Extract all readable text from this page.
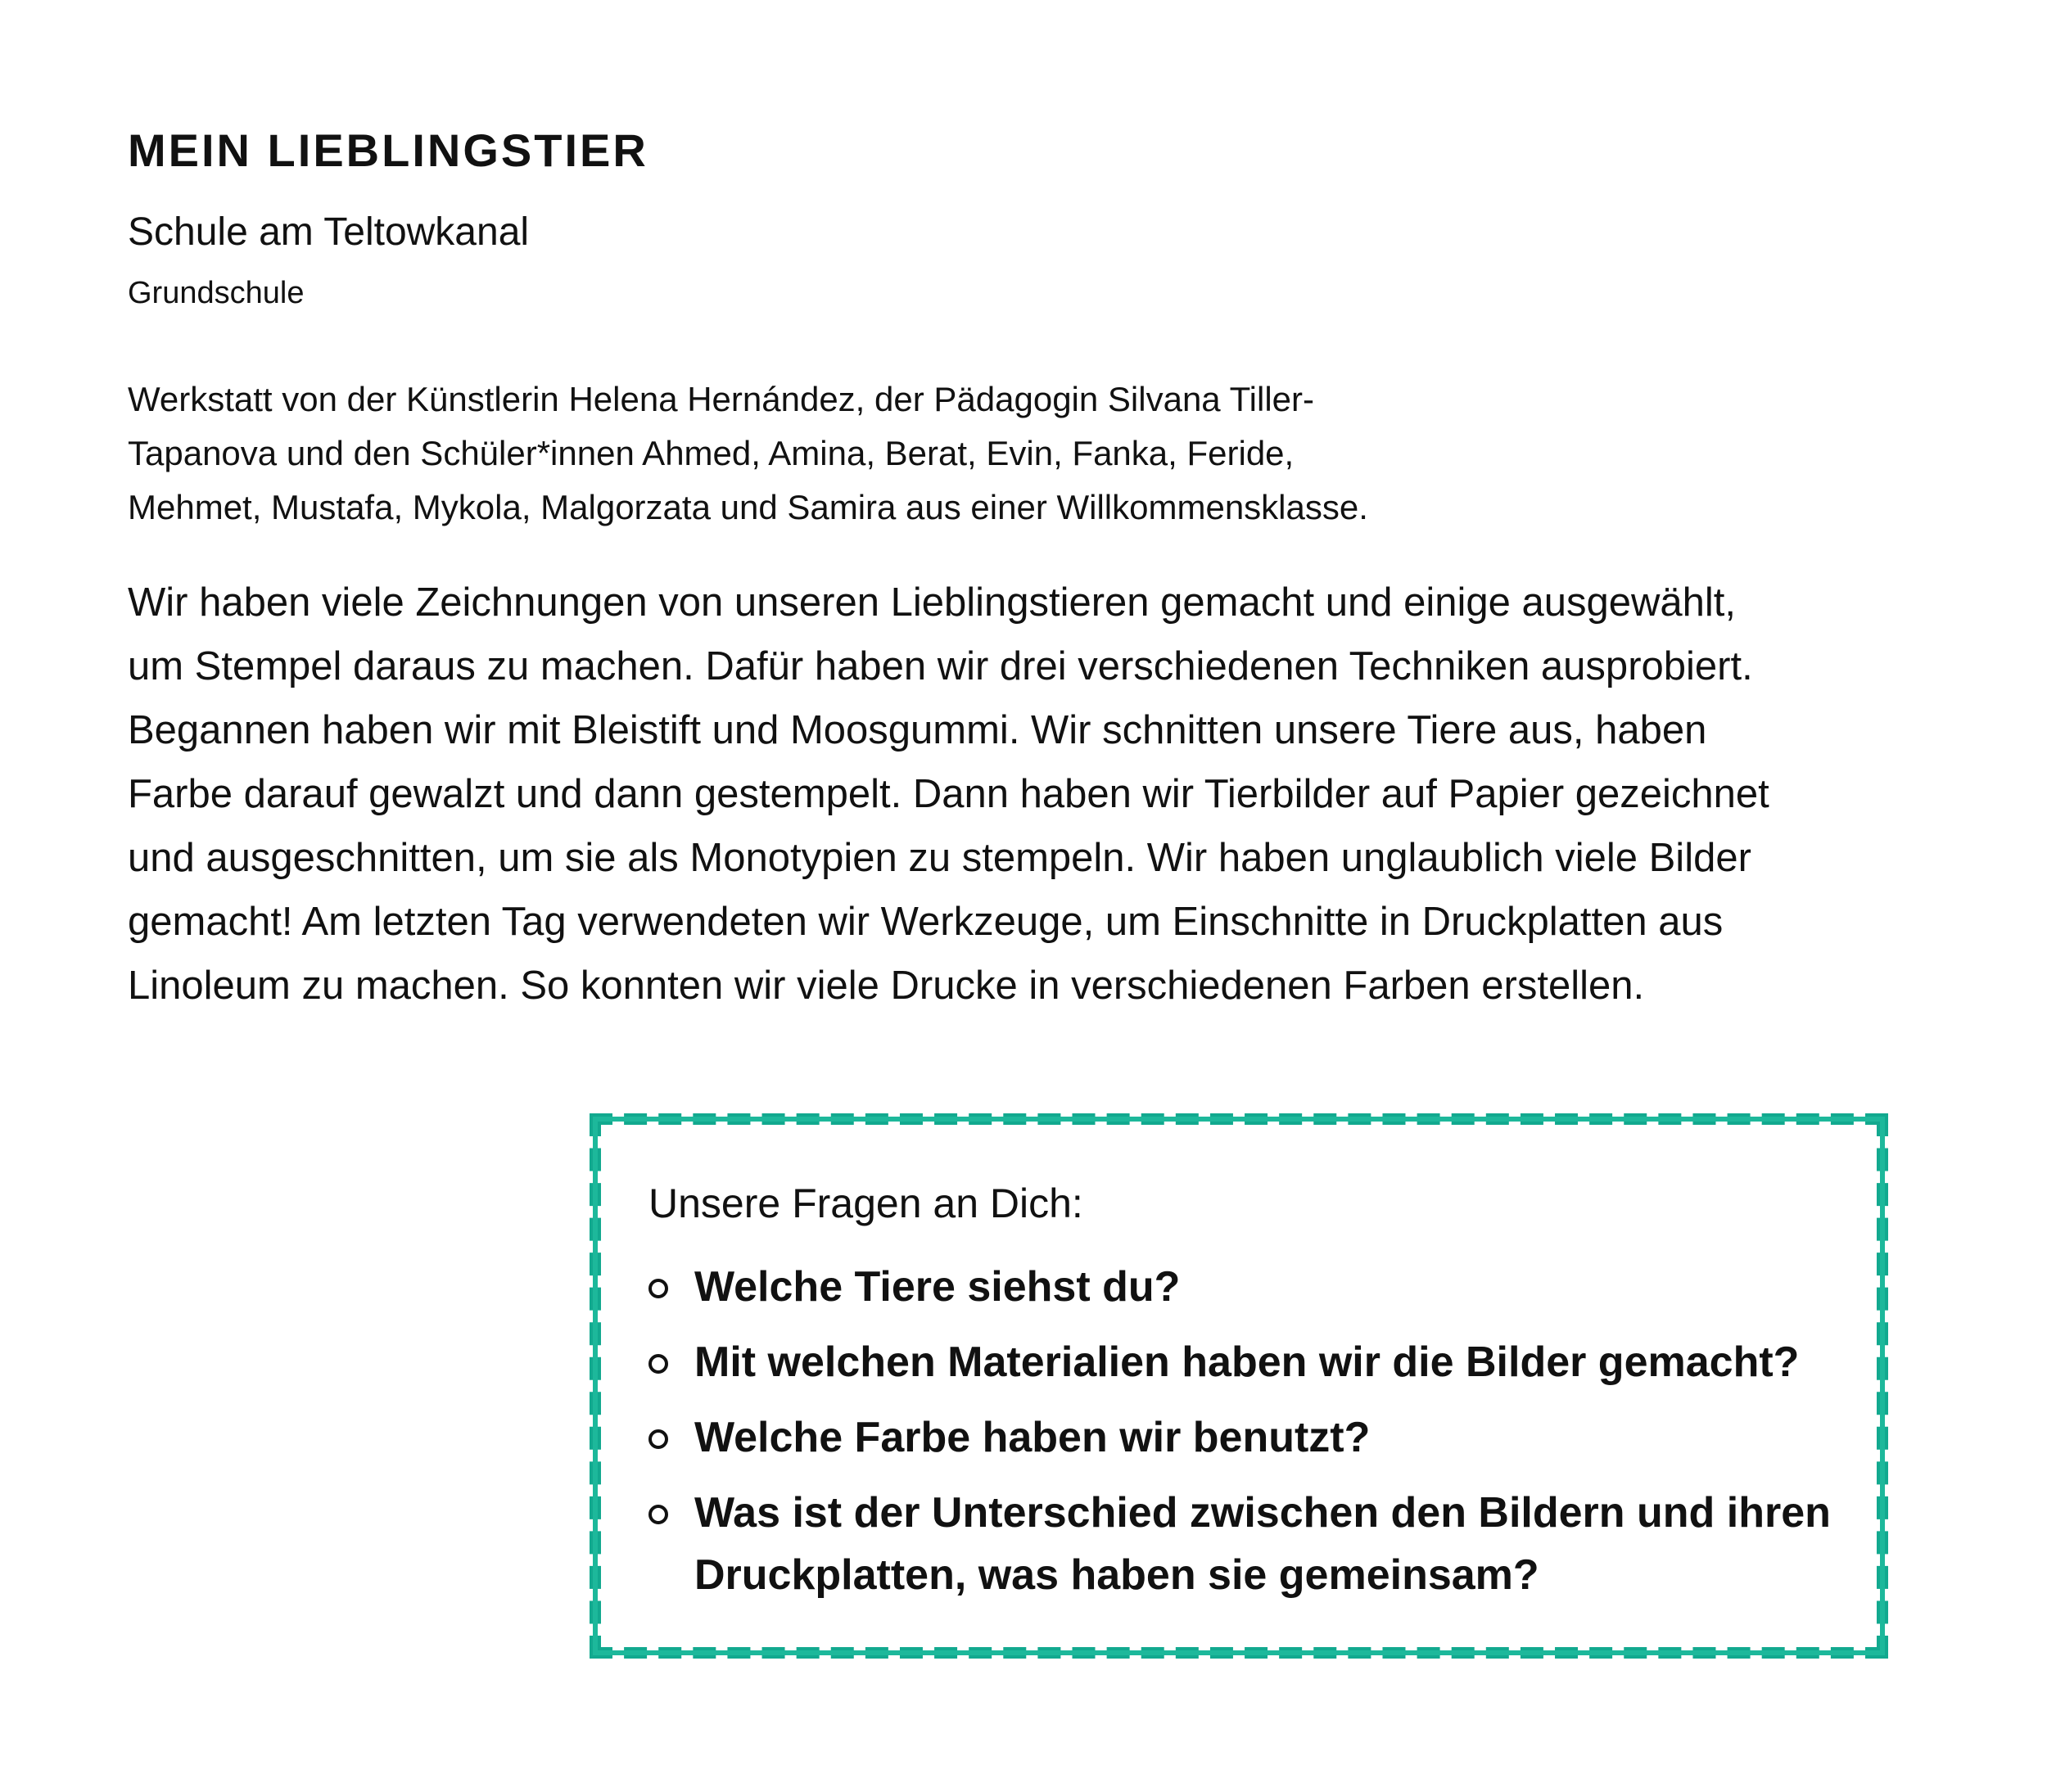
MEIN LIEBLINGSTIER
Schule am Teltowkanal
Grundschule

Werkstatt von der Künstlerin Helena Hernández, der Pädagogin Silvana Tiller-
Tapanova und den Schüler*innen Ahmed, Amina, Berat, Evin, Fanka, Feride,
Mehmet, Mustafa, Mykola, Malgorzata und Samira aus einer Willkommensklasse.

Wir haben viele Zeichnungen von unseren Lieblingstieren gemacht und einige ausgewählt,
um Stempel daraus zu machen. Dafür haben wir drei verschiedenen Techniken ausprobiert.
Begannen haben wir mit Bleistift und Moosgummi. Wir schnitten unsere Tiere aus, haben
Farbe darauf gewalzt und dann gestempelt. Dann haben wir Tierbilder auf Papier gezeichnet
und ausgeschnitten, um sie als Monotypien zu stempeln. Wir haben unglaublich viele Bilder
gemacht! Am letzten Tag verwendeten wir Werkzeuge, um Einschnitte in Druckplatten aus
Linoleum zu machen. So konnten wir viele Drucke in verschiedenen Farben erstellen.

Unsere Fragen an Dich:
Welche Tiere siehst du?
Mit welchen Materialien haben wir die Bilder gemacht?
Welche Farbe haben wir benutzt?
Was ist der Unterschied zwischen den Bildern und ihren Druckplatten, was haben sie gemeinsam?
